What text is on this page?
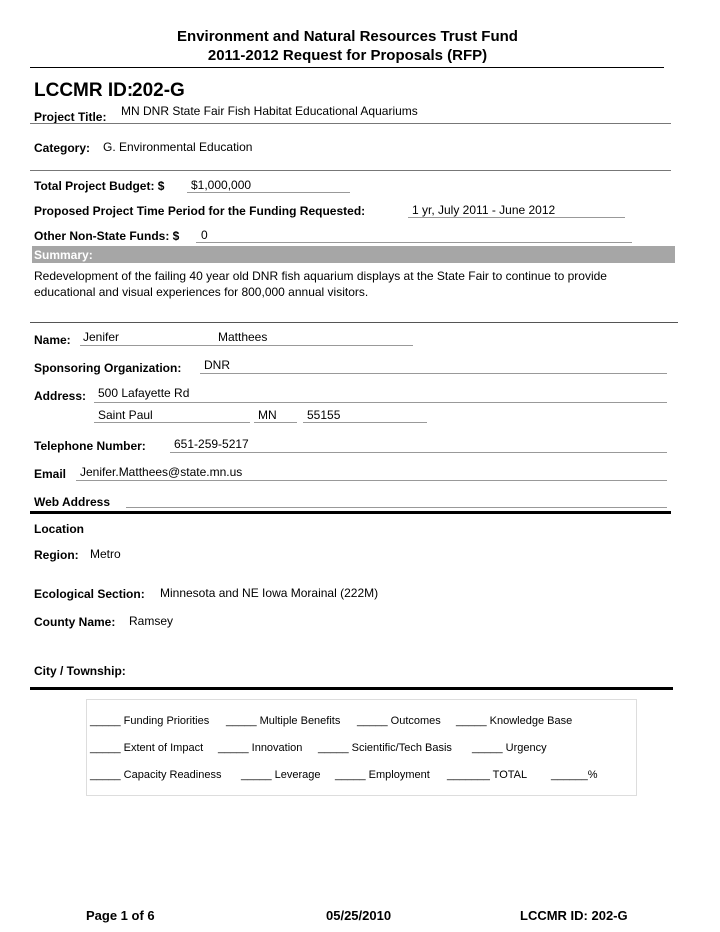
Environment and Natural Resources Trust Fund
2011-2012 Request for Proposals (RFP)
LCCMR ID:
202-G
Project Title: MN DNR State Fair Fish Habitat Educational Aquariums
Category: G. Environmental Education
Total Project Budget: $ $1,000,000
Proposed Project Time Period for the Funding Requested:	1 yr, July 2011 - June 2012
Other Non-State Funds: $ 0
Summary:
Redevelopment of the failing 40 year old DNR fish aquarium displays at the State Fair to continue to provide
educational and visual experiences for 800,000 annual visitors.
Name: Jenifer	Matthees
Sponsoring Organization: DNR
Address: 500 Lafayette Rd
Saint Paul	MN	55155
Telephone Number: 651-259-5217
Email Jenifer.Matthees@state.mn.us
Web Address
Location
Region: Metro
Ecological Section: Minnesota and NE Iowa Morainal (222M)
County Name: Ramsey
City / Township:
_____ Funding Priorities _____ Multiple Benefits _____ Outcomes _____ Knowledge Base
_____ Extent of Impact _____ Innovation _____ Scientific/Tech Basis _____ Urgency
_____ Capacity Readiness _____ Leverage _____ Employment _______ TOTAL ______%
Page 1 of 6	05/25/2010	LCCMR ID: 202-G
